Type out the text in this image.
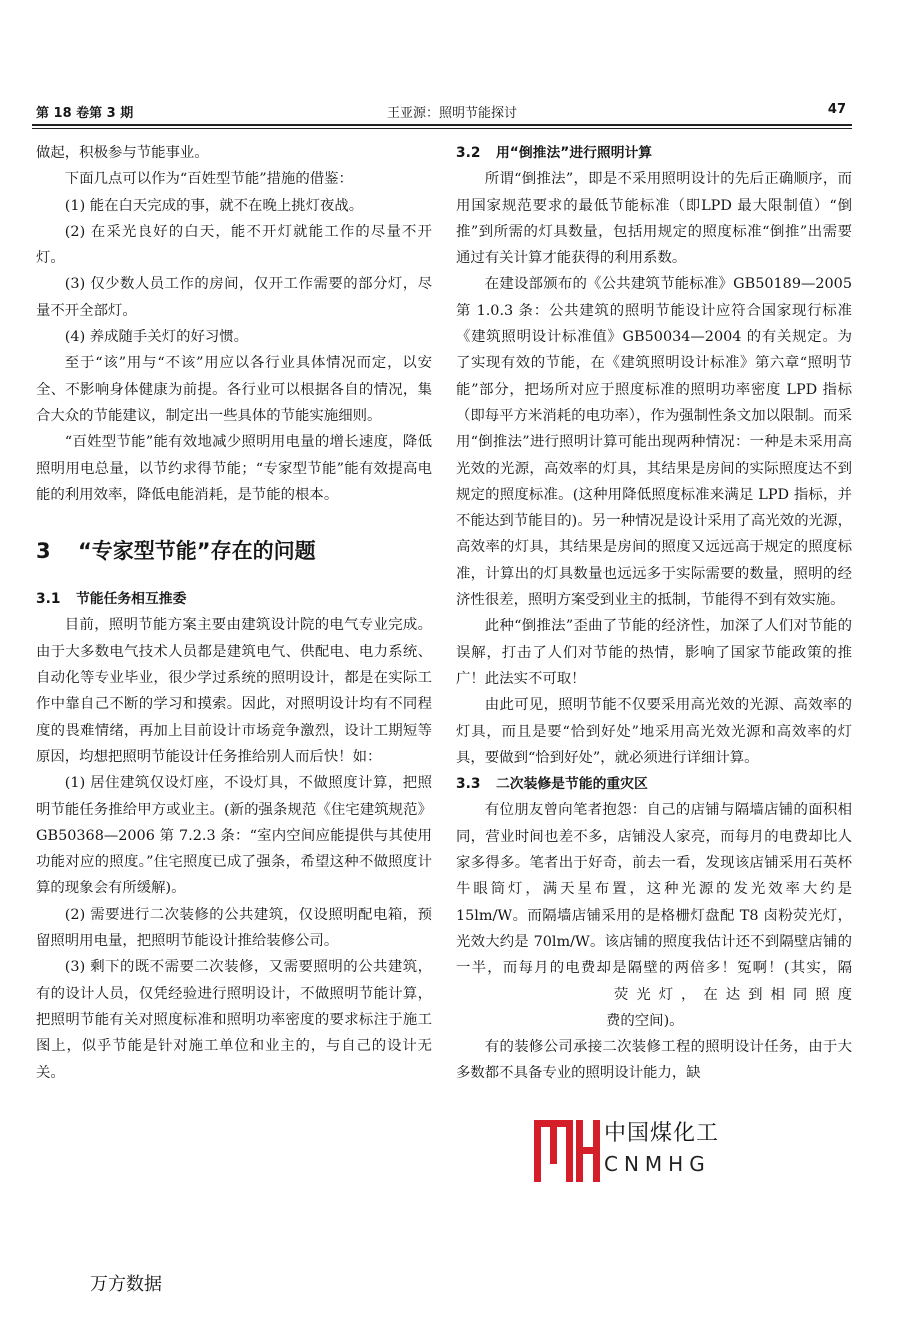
第 18 卷第 3 期	王亚源：照明节能探讨	47

做起，积极参与节能事业。

下面几点可以作为“百姓型节能”措施的借鉴：

(1) 能在白天完成的事，就不在晚上挑灯夜战。

(2) 在采光良好的白天，能不开灯就能工作的尽量不开灯。

(3) 仅少数人员工作的房间，仅开工作需要的部分灯，尽量不开全部灯。

(4) 养成随手关灯的好习惯。

至于“该”用与“不该”用应以各行业具体情况而定，以安全、不影响身体健康为前提。各行业可以根据各自的情况，集合大众的节能建议，制定出一些具体的节能实施细则。

“百姓型节能”能有效地减少照明用电量的增长速度，降低照明用电总量，以节约求得节能；“专家型节能”能有效提高电能的利用效率，降低电能消耗，是节能的根本。

3 “专家型节能”存在的问题
3.1 节能任务相互推委

目前，照明节能方案主要由建筑设计院的电气专业完成。由于大多数电气技术人员都是建筑电气、供配电、电力系统、自动化等专业毕业，很少学过系统的照明设计，都是在实际工作中靠自己不断的学习和摸索。因此，对照明设计均有不同程度的畏难情绪，再加上目前设计市场竞争激烈，设计工期短等原因，均想把照明节能设计任务推给别人而后快！如：

(1) 居住建筑仅设灯座，不设灯具，不做照度计算，把照明节能任务推给甲方或业主。(新的强条规范《住宅建筑规范》GB50368—2006 第 7.2.3 条：“室内空间应能提供与其使用功能对应的照度。”住宅照度已成了强条，希望这种不做照度计算的现象会有所缓解)。

(2) 需要进行二次装修的公共建筑，仅设照明配电箱，预留照明用电量，把照明节能设计推给装修公司。

(3) 剩下的既不需要二次装修，又需要照明的公共建筑，有的设计人员，仅凭经验进行照明设计，不做照明节能计算，把照明节能有关对照度标准和照明功率密度的要求标注于施工图上，似乎节能是针对施工单位和业主的，与自己的设计无关。

3.2 用“倒推法”进行照明计算

所谓“倒推法”，即是不采用照明设计的先后正确顺序，而用国家规范要求的最低节能标准（即LPD 最大限制值）“倒推”到所需的灯具数量，包括用规定的照度标准“倒推”出需要通过有关计算才能获得的利用系数。

在建设部颁布的《公共建筑节能标准》GB50189—2005 第 1.0.3 条：公共建筑的照明节能设计应符合国家现行标准《建筑照明设计标准值》GB50034—2004 的有关规定。为了实现有效的节能，在《建筑照明设计标准》第六章“照明节能”部分，把场所对应于照度标准的照明功率密度 LPD 指标（即每平方米消耗的电功率），作为强制性条文加以限制。而采用“倒推法”进行照明计算可能出现两种情况：一种是未采用高光效的光源，高效率的灯具，其结果是房间的实际照度达不到规定的照度标准。(这种用降低照度标准来满足 LPD 指标，并不能达到节能目的)。另一种情况是设计采用了高光效的光源，高效率的灯具，其结果是房间的照度又远远高于规定的照度标准，计算出的灯具数量也远远多于实际需要的数量，照明的经济性很差，照明方案受到业主的抵制，节能得不到有效实施。

此种“倒推法”歪曲了节能的经济性，加深了人们对节能的误解，打击了人们对节能的热情，影响了国家节能政策的推广！此法实不可取！

由此可见，照明节能不仅要采用高光效的光源、高效率的灯具，而且是要“恰到好处”地采用高光效光源和高效率的灯具，要做到“恰到好处”，就必须进行详细计算。

3.3 二次装修是节能的重灾区

有位朋友曾向笔者抱怨：自己的店铺与隔墙店铺的面积相同，营业时间也差不多，店铺没人家亮，而每月的电费却比人家多得多。笔者出于好奇，前去一看，发现该店铺采用石英杯牛眼筒灯，满天星布置，这种光源的发光效率大约是 15lm/W。而隔墙店铺采用的是格栅灯盘配 T8 卤粉荧光灯，光效大约是 70lm/W。该店铺的照度我估计还不到隔壁店铺的一半，而每月的电费却是隔壁的两倍多！冤啊！(其实，隔荧光灯，在达到相同照度费的空间)。

有的装修公司承接二次装修工程的照明设计任务，由于大多数都不具备专业的照明设计能力，缺

中国煤化工
CNMHG
万方数据
